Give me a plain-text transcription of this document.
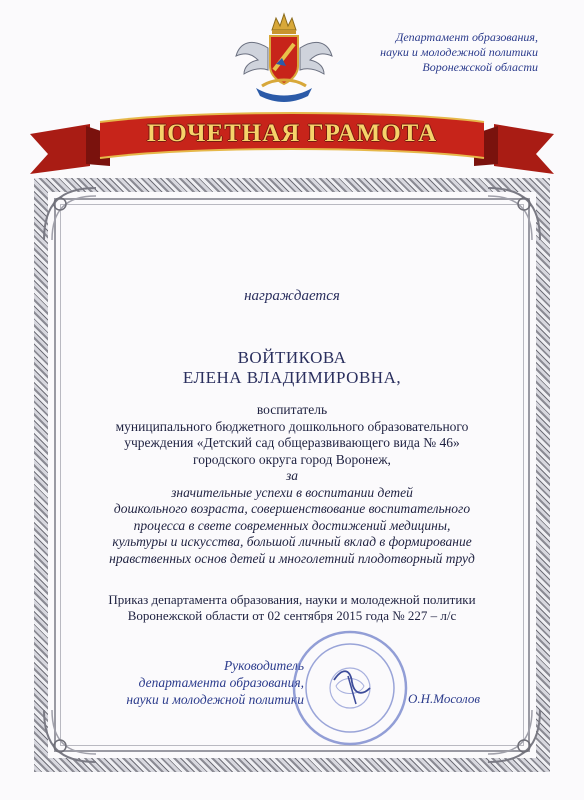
Департамент образования,
науки и молодежной политики
Воронежской области
ПОЧЕТНАЯ ГРАМОТА
награждается
ВОЙТИКОВА
ЕЛЕНА ВЛАДИМИРОВНА,
воспитатель
муниципального бюджетного дошкольного образовательного
учреждения «Детский сад общеразвивающего вида № 46»
городского округа город Воронеж,
за
значительные успехи в воспитании детей
дошкольного возраста, совершенствование воспитательного
процесса в свете современных достижений медицины,
культуры и искусства, большой личный вклад в формирование
нравственных основ детей и многолетний плодотворный труд
Приказ департамента образования, науки и молодежной политики
Воронежской области от 02 сентября 2015 года № 227 – л/с
Руководитель
департамента образования,
науки и молодежной политики	О.Н.Мосолов
